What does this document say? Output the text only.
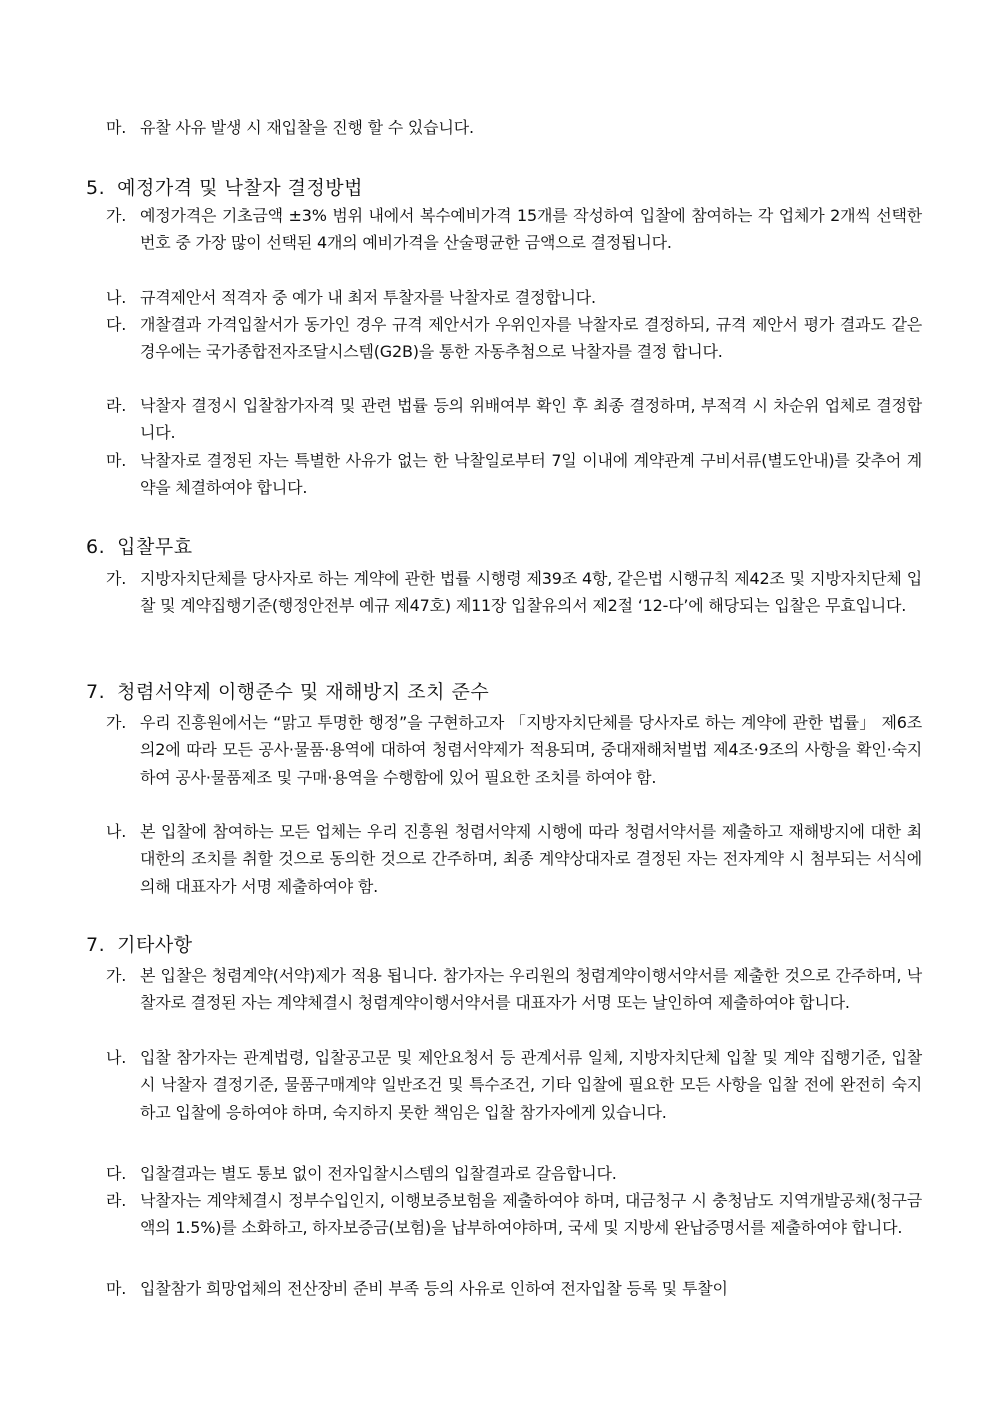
마. 유찰 사유 발생 시 재입찰을 진행 할 수 있습니다.
5. 예정가격 및 낙찰자 결정방법
가. 예정가격은 기초금액 ±3% 범위 내에서 복수예비가격 15개를 작성하여 입찰에 참여하는 각 업체가 2개씩 선택한 번호 중 가장 많이 선택된 4개의 예비가격을 산술평균한 금액으로 결정됩니다.
나. 규격제안서 적격자 중 예가 내 최저 투찰자를 낙찰자로 결정합니다.
다. 개찰결과 가격입찰서가 동가인 경우 규격 제안서가 우위인자를 낙찰자로 결정하되, 규격 제안서 평가 결과도 같은 경우에는 국가종합전자조달시스템(G2B)을 통한 자동추첨으로 낙찰자를 결정 합니다.
라. 낙찰자 결정시 입찰참가자격 및 관련 법률 등의 위배여부 확인 후 최종 결정하며, 부적격 시 차순위 업체로 결정합니다.
마. 낙찰자로 결정된 자는 특별한 사유가 없는 한 낙찰일로부터 7일 이내에 계약관계 구비서류(별도안내)를 갖추어 계약을 체결하여야 합니다.
6. 입찰무효
가. 지방자치단체를 당사자로 하는 계약에 관한 법률 시행령 제39조 4항, 같은법 시행규칙 제42조 및 지방자치단체 입찰 및 계약집행기준(행정안전부 예규 제47호) 제11장 입찰유의서 제2절 ‘12-다’에 해당되는 입찰은 무효입니다.
7. 청렴서약제 이행준수 및 재해방지 조치 준수
가. 우리 진흥원에서는 “맑고 투명한 행정”을 구현하고자 「지방자치단체를 당사자로 하는 계약에 관한 법률」 제6조의2에 따라 모든 공사·물품·용역에 대하여 청렴서약제가 적용되며, 중대재해처벌법 제4조·9조의 사항을 확인·숙지하여 공사·물품제조 및 구매·용역을 수행함에 있어 필요한 조치를 하여야 함.
나. 본 입찰에 참여하는 모든 업체는 우리 진흥원 청렴서약제 시행에 따라 청렴서약서를 제출하고 재해방지에 대한 최대한의 조치를 취할 것으로 동의한 것으로 간주하며, 최종 계약상대자로 결정된 자는 전자계약 시 첨부되는 서식에 의해 대표자가 서명 제출하여야 함.
7. 기타사항
가. 본 입찰은 청렴계약(서약)제가 적용 됩니다. 참가자는 우리원의 청렴계약이행서약서를 제출한 것으로 간주하며, 낙찰자로 결정된 자는 계약체결시 청렴계약이행서약서를 대표자가 서명 또는 날인하여 제출하여야 합니다.
나. 입찰 참가자는 관계법령, 입찰공고문 및 제안요청서 등 관계서류 일체, 지방자치단체 입찰 및 계약 집행기준, 입찰시 낙찰자 결정기준, 물품구매계약 일반조건 및 특수조건, 기타 입찰에 필요한 모든 사항을 입찰 전에 완전히 숙지하고 입찰에 응하여야 하며, 숙지하지 못한 책임은 입찰 참가자에게 있습니다.
다. 입찰결과는 별도 통보 없이 전자입찰시스템의 입찰결과로 갈음합니다.
라. 낙찰자는 계약체결시 정부수입인지, 이행보증보험을 제출하여야 하며, 대금청구 시 충청남도 지역개발공채(청구금액의 1.5%)를 소화하고, 하자보증금(보험)을 납부하여야하며, 국세 및 지방세 완납증명서를 제출하여야 합니다.
마. 입찰참가 희망업체의 전산장비 준비 부족 등의 사유로 인하여 전자입찰 등록 및 투찰이
